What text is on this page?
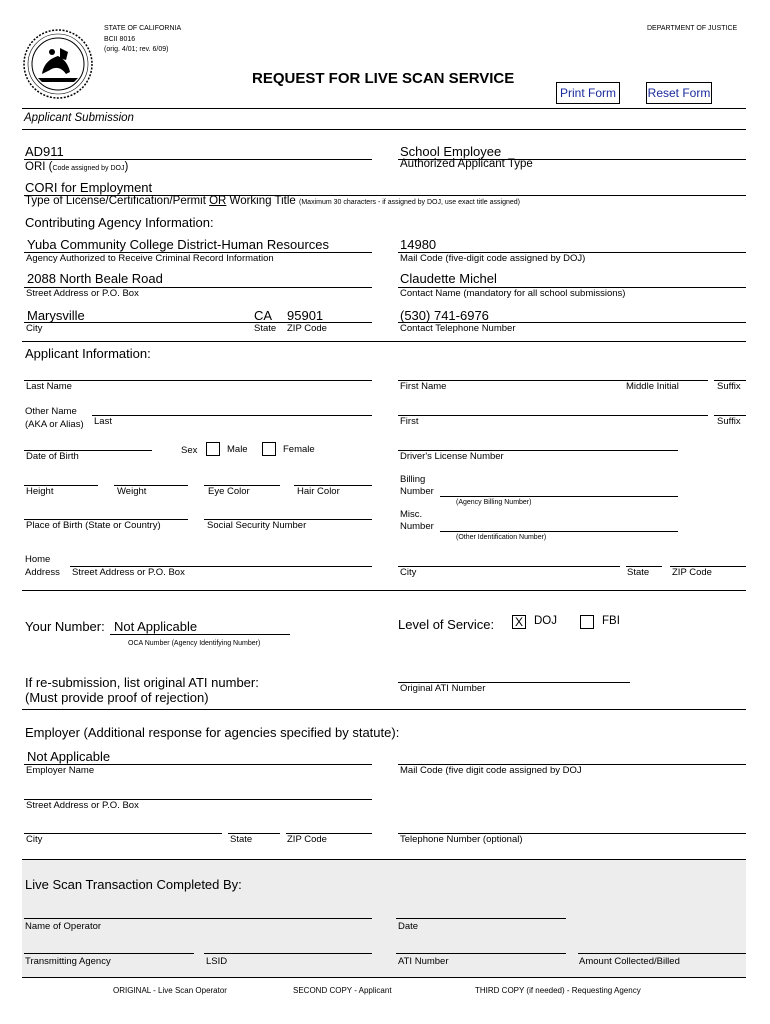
STATE OF CALIFORNIA
BCII 8016
(orig. 4/01; rev. 6/09)
DEPARTMENT OF JUSTICE
REQUEST FOR LIVE SCAN SERVICE
Print Form	Reset Form
Applicant Submission
AD911
ORI (Code assigned by DOJ)
School Employee
Authorized Applicant Type
CORI for Employment
Type of License/Certification/Permit OR Working Title (Maximum 30 characters - if assigned by DOJ, use exact title assigned)
Contributing Agency Information:
Yuba Community College District-Human Resources
Agency Authorized to Receive Criminal Record Information
14980
Mail Code (five-digit code assigned by DOJ)
2088 North Beale Road
Street Address or P.O. Box
Claudette Michel
Contact Name (mandatory for all school submissions)
Marysville	CA 95901
City	State ZIP Code
(530) 741-6976
Contact Telephone Number
Applicant Information:
Last Name	First Name	Middle Initial	Suffix
Other Name
(AKA or Alias) Last	First	Suffix
Date of Birth
Sex	Male	Female
Driver's License Number
Height	Weight	Eye Color	Hair Color
Billing
Number
(Agency Billing Number)
Place of Birth (State or Country)	Social Security Number
Misc.
Number
(Other Identification Number)
Home
Address Street Address or P.O. Box	City	State ZIP Code
Your Number: Not Applicable
OCA Number (Agency Identifying Number)
Level of Service: X DOJ	FBI
If re-submission, list original ATI number:
(Must provide proof of rejection)
Original ATI Number
Employer (Additional response for agencies specified by statute):
Not Applicable
Employer Name	Mail Code (five digit code assigned by DOJ
Street Address or P.O. Box
City	State	ZIP Code	Telephone Number (optional)
Live Scan Transaction Completed By:
Name of Operator	Date
Transmitting Agency	LSID	ATI Number	Amount Collected/Billed
ORIGINAL - Live Scan Operator	SECOND COPY - Applicant	THIRD COPY (if needed) - Requesting Agency
